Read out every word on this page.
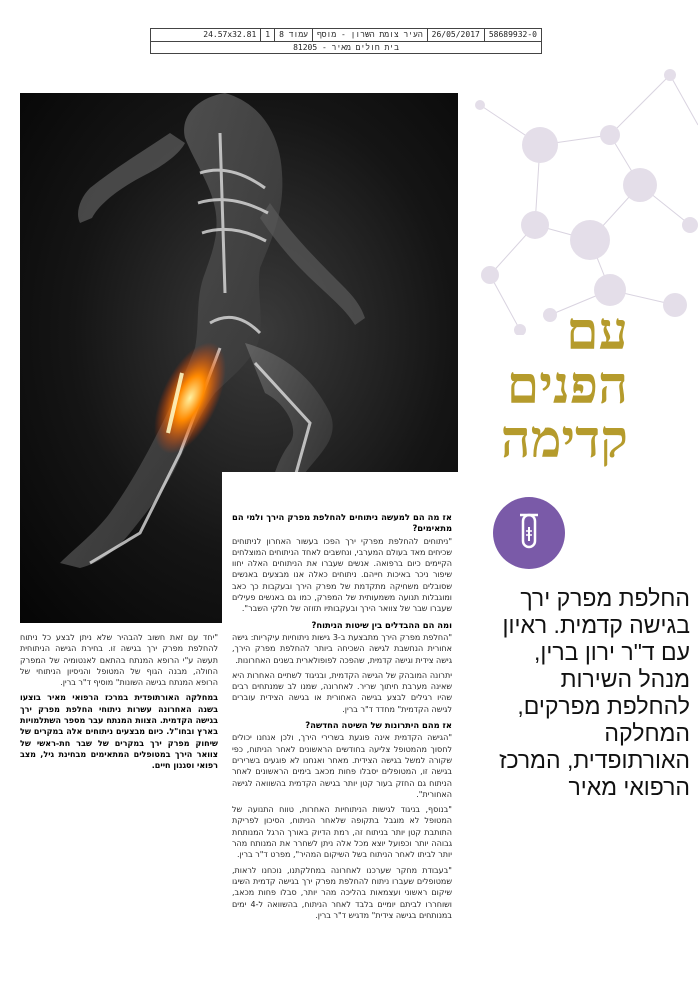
58689932-0
26/05/2017
העיר צומת השרון - מוסף
עמוד 8
1
24.57x32.81
בית חולים מאיר - 81205
עם
הפנים
קדימה

החלפת מפרק ירך בגישה קדמית. ראיון עם ד"ר ירון ברין, מנהל השירות להחלפת מפרקים, המחלקה האורתופדית, המרכז הרפואי מאיר

אז מה הם למעשה ניתוחים להחלפת מפרק הירך ולמי הם מתאימים?

"ניתוחים להחלפת מפרקי ירך הפכו בעשור האחרון לניתוחים שכיחים מאד בעולם המערבי, ונחשבים לאחד הניתוחים המוצלחים הקיימים כיום ברפואה. אנשים שעברו את הניתוחים האלה יחוו שיפור ניכר באיכות חייהם. ניתוחים כאלה אנו מבצעים באנשים שסובלים משחיקה מתקדמת של מפרק הירך ובעקבות כך כאב ומוגבלות תנועה משמעותית של המפרק, כמו גם באנשים פעילים שעברו שבר של צוואר הירך ובעקבותיו תזוזה של חלקי השבר".

ומה הם ההבדלים בין שיטות הניתוח?

"החלפת מפרק הירך מתבצעת ב-3 גישות ניתוחיות עיקריות: גישה אחורית הנחשבת לגישה השכיחה ביותר להחלפת מפרק הירך, גישה צידית וגישה קדמית, שהפכה לפופולארית בשנים האחרונות.

יתרונה המובהק של הגישה הקדמית, ובניגוד לשתיים האחרות היא שאינה מערבת חיתוך שריר. לאחרונה, שמנו לב שמנתחים רבים שהיו רגילים לבצע בגישה האחורית או בגישה הצידית עוברים לגישה הקדמית" מחדד ד"ר ברין.

אז מהם היתרונות של השיטה החדשה?

"הגישה הקדמית אינה פוגעת בשרירי הירך, ולכן אנחנו יכולים לחסוך מהמטופל צליעה בחודשים הראשונים לאחר הניתוח, כפי שקורה למשל בגישה הצידית. מאחר ואנחנו לא פוגעים בשרירים בגישה זו, המטופלים יסבלו פחות מכאב בימים הראשונים לאחר הניתוח גם החזק בעור קטן יותר בגישה הקדמית בהשוואה לגישה האחורית".

"בנוסף, בניגוד לגישות הניתוחיות האחרות, טווח התנועה של המטופל לא מוגבל בתקופה שלאחר הניתוח, הסיכון לפריקת התותבת קטן יותר בניתוח זה, רמת הדיוק באורך הרגל המנותחת גבוהה יותר וכפועל יוצא מכל אלה ניתן לשחרר את המנותח מהר יותר לביתו לאחר הניתוח בשל השיקום המהיר", מפרט ד"ר ברין.

"בעבודת מחקר שערכנו לאחרונה במחלקתנו, נוכחנו לראות, שמטופלים שעברו ניתוח להחלפת מפרק ירך בגישה קדמית השיגו שיקום ראשוני ועצמאות בהליכה מהר יותר, סבלו פחות מכאב, ושוחררו לביתם יומיים בלבד לאחר הניתוח, בהשוואה ל-4 ימים במנותחים בגישה צידית" מדגיש ד"ר ברין.

"יחד עם זאת חשוב להבהיר שלא ניתן לבצע כל ניתוח להחלפת מפרק ירך בגישה זו. בחירת הגישה הניתוחית תעשה ע"י הרופא המנתח בהתאם לאנטומיה של המפרק החולה, מבנה הגוף של המטופל והניסיון הניתוחי של הרופא המנתח בגישה השונות" מוסיף ד"ר ברין.

במחלקה האורתופדית במרכז הרפואי מאיר בוצעו בשנה האחרונה עשרות ניתוחי החלפת מפרק ירך בגישה הקדמית. הצוות המנתח עבר מספר השתלמויות בארץ ובחו"ל. כיום מבצעים ניתוחים אלה במקרים של שיחוק מפרק ירך במקרים של שבר חת-ראשי של צוואר הירך במטופלים המתאימים מבחינת גיל, מצב רפואי וסגנון חיים.
